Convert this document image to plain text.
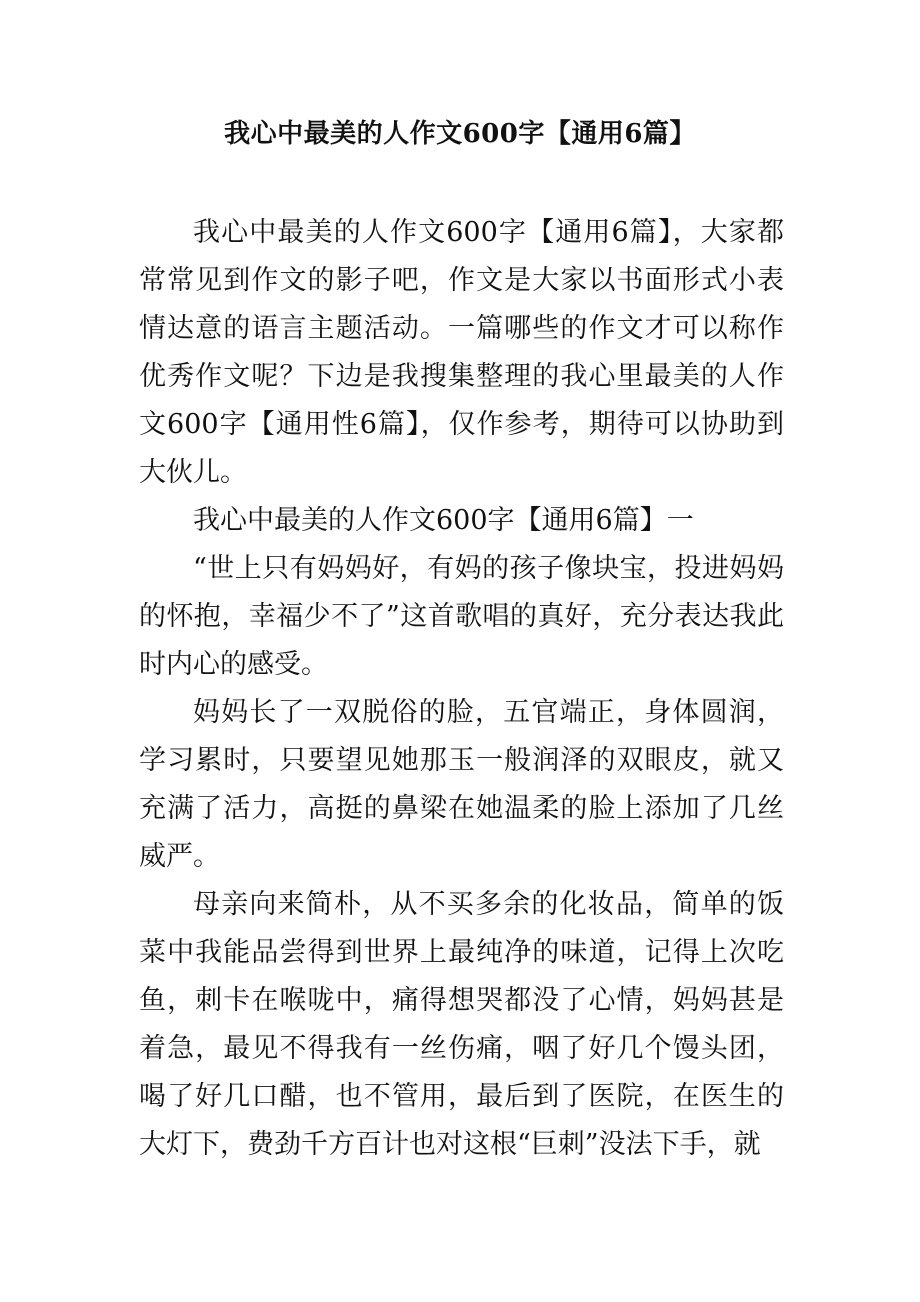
我心中最美的人作文600字【通用6篇】

我心中最美的人作文600字【通用6篇】，大家都常常见到作文的影子吧，作文是大家以书面形式小表情达意的语言主题活动。一篇哪些的作文才可以称作优秀作文呢？下边是我搜集整理的我心里最美的人作文600字【通用性6篇】，仅作参考，期待可以协助到大伙儿。

我心中最美的人作文600字【通用6篇】一

“世上只有妈妈好，有妈的孩子像块宝，投进妈妈的怀抱，幸福少不了”这首歌唱的真好，充分表达我此时内心的感受。

妈妈长了一双脱俗的脸，五官端正，身体圆润，学习累时，只要望见她那玉一般润泽的双眼皮，就又充满了活力，高挺的鼻梁在她温柔的脸上添加了几丝威严。

母亲向来简朴，从不买多余的化妆品，简单的饭菜中我能品尝得到世界上最纯净的味道，记得上次吃鱼，刺卡在喉咙中，痛得想哭都没了心情，妈妈甚是着急，最见不得我有一丝伤痛，咽了好几个馒头团，喝了好几口醋，也不管用，最后到了医院，在医生的大灯下，费劲千方百计也对这根“巨刺”没法下手，就
